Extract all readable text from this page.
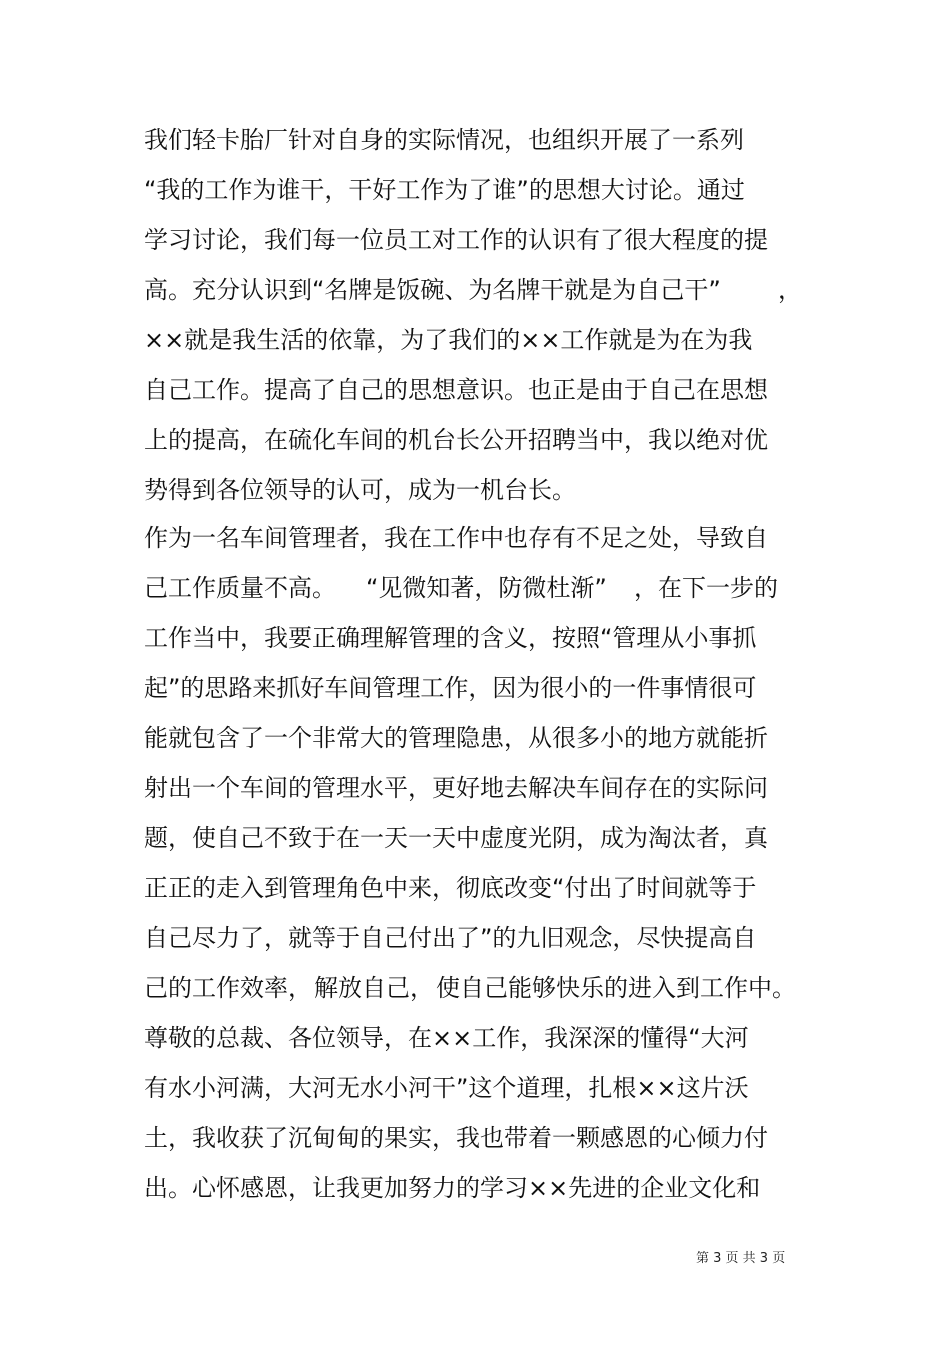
我们轻卡胎厂针对自身的实际情况，也组织开展了一系列
“我的工作为谁干，干好工作为了谁”的思想大讨论。通过
学习讨论，我们每一位员工对工作的认识有了很大程度的提
高。充分认识到“名牌是饭碗、为名牌干就是为自己干” ，
××就是我生活的依靠，为了我们的××工作就是为在为我
自己工作。提高了自己的思想意识。也正是由于自己在思想
上的提高，在硫化车间的机台长公开招聘当中，我以绝对优
势得到各位领导的认可，成为一机台长。
作为一名车间管理者，我在工作中也存有不足之处，导致自
己工作质量不高。 “见微知著，防微杜渐” ，在下一步的
工作当中，我要正确理解管理的含义，按照“管理从小事抓
起”的思路来抓好车间管理工作，因为很小的一件事情很可
能就包含了一个非常大的管理隐患，从很多小的地方就能折
射出一个车间的管理水平，更好地去解决车间存在的实际问
题，使自己不致于在一天一天中虚度光阴，成为淘汰者，真
正正的走入到管理角色中来，彻底改变“付出了时间就等于
自己尽力了，就等于自己付出了”的九旧观念，尽快提高自
己的工作效率， 解放自己， 使自己能够快乐的进入到工作中。
尊敬的总裁、各位领导，在××工作，我深深的懂得“大河
有水小河满，大河无水小河干”这个道理，扎根××这片沃
土，我收获了沉甸甸的果实，我也带着一颗感恩的心倾力付
出。心怀感恩，让我更加努力的学习××先进的企业文化和
第 3 页 共 3 页
